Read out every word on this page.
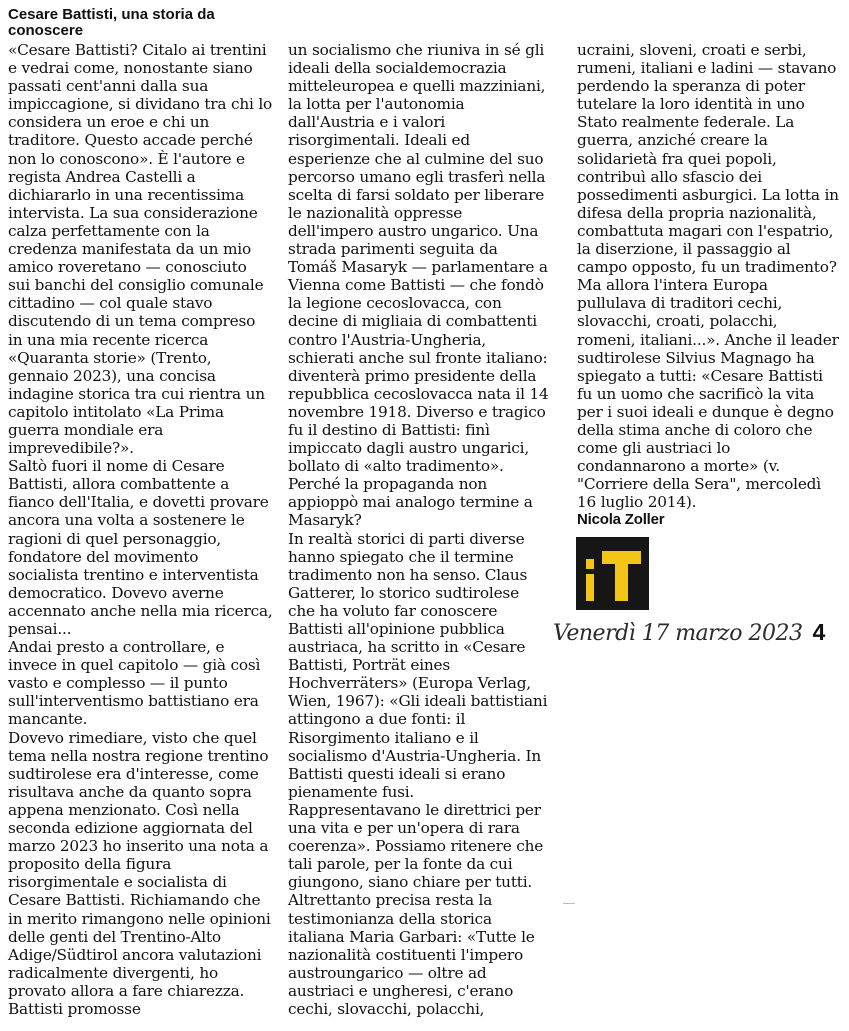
Cesare Battisti, una storia da conoscere

«Cesare Battisti? Citalo ai trentini e vedrai come, nonostante siano passati cent'anni dalla sua impiccagione, si dividano tra chi lo considera un eroe e chi un traditore. Questo accade perché non lo conoscono». È l'autore e regista Andrea Castelli a dichiararlo in una recentissima intervista. La sua considerazione calza perfettamente con la credenza manifestata da un mio amico roveretano — conosciuto sui banchi del consiglio comunale cittadino — col quale stavo discutendo di un tema compreso in una mia recente ricerca «Quaranta storie» (Trento, gennaio 2023), una concisa indagine storica tra cui rientra un capitolo intitolato «La Prima guerra mondiale era imprevedibile?».

Saltò fuori il nome di Cesare Battisti, allora combattente a fianco dell'Italia, e dovetti provare ancora una volta a sostenere le ragioni di quel personaggio, fondatore del movimento socialista trentino e interventista democratico. Dovevo averne accennato anche nella mia ricerca, pensai...

Andai presto a controllare, e invece in quel capitolo — già così vasto e complesso — il punto sull'interventismo battistiano era mancante.

Dovevo rimediare, visto che quel tema nella nostra regione trentino sudtirolese era d'interesse, come risultava anche da quanto sopra appena menzionato. Così nella seconda edizione aggiornata del marzo 2023 ho inserito una nota a proposito della figura risorgimentale e socialista di Cesare Battisti. Richiamando che in merito rimangono nelle opinioni delle genti del Trentino-Alto Adige/Südtirol ancora valutazioni radicalmente divergenti, ho provato allora a fare chiarezza. Battisti promosse

un socialismo che riuniva in sé gli ideali della socialdemocrazia mitteleuropea e quelli mazziniani, la lotta per l'autonomia dall'Austria e i valori risorgimentali. Ideali ed esperienze che al culmine del suo percorso umano egli trasferì nella scelta di farsi soldato per liberare le nazionalità oppresse dell'impero austro ungarico. Una strada parimenti seguita da Tomáš Masaryk — parlamentare a Vienna come Battisti — che fondò la legione cecoslovacca, con decine di migliaia di combattenti contro l'Austria-Ungheria, schierati anche sul fronte italiano: diventerà primo presidente della repubblica cecoslovacca nata il 14 novembre 1918. Diverso e tragico fu il destino di Battisti: finì impiccato dagli austro ungarici, bollato di «alto tradimento». Perché la propaganda non appioppò mai analogo termine a Masaryk?

In realtà storici di parti diverse hanno spiegato che il termine tradimento non ha senso. Claus Gatterer, lo storico sudtirolese che ha voluto far conoscere Battisti all'opinione pubblica austriaca, ha scritto in «Cesare Battisti, Porträt eines Hochverräters» (Europa Verlag, Wien, 1967): «Gli ideali battistiani attingono a due fonti: il Risorgimento italiano e il socialismo d'Austria-Ungheria. In Battisti questi ideali si erano pienamente fusi.

Rappresentavano le direttrici per una vita e per un'opera di rara coerenza». Possiamo ritenere che tali parole, per la fonte da cui giungono, siano chiare per tutti. Altrettanto precisa resta la testimonianza della storica italiana Maria Garbari: «Tutte le nazionalità costituenti l'impero austroungarico — oltre ad austriaci e ungheresi, c'erano cechi, slovacchi, polacchi,

ucraini, sloveni, croati e serbi, rumeni, italiani e ladini — stavano perdendo la speranza di poter tutelare la loro identità in uno Stato realmente federale. La guerra, anziché creare la solidarietà fra quei popoli, contribuì allo sfascio dei possedimenti asburgici. La lotta in difesa della propria nazionalità, combattuta magari con l'espatrio, la diserzione, il passaggio al campo opposto, fu un tradimento? Ma allora l'intera Europa pullulava di traditori cechi, slovacchi, croati, polacchi, romeni, italiani...». Anche il leader sudtirolese Silvius Magnago ha spiegato a tutti: «Cesare Battisti fu un uomo che sacrificò la vita per i suoi ideali e dunque è degno della stima anche di coloro che come gli austriaci lo condannarono a morte» (v. "Corriere della Sera", mercoledì 16 luglio 2014).

Nicola Zoller

Venerdì 17 marzo 2023 4
